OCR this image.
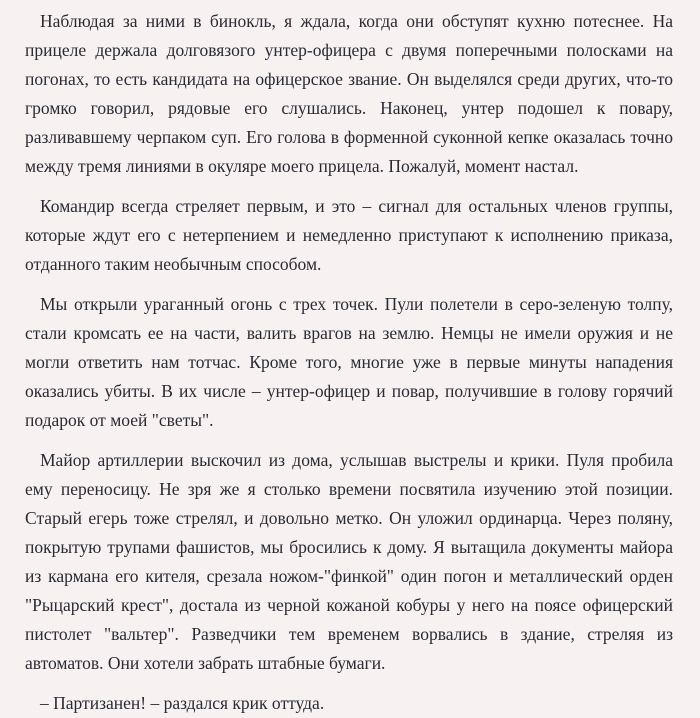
Наблюдая за ними в бинокль, я ждала, когда они обступят кухню потеснее. На прицеле держала долговязого унтер-офицера с двумя поперечными полосками на погонах, то есть кандидата на офицерское звание. Он выделялся среди других, что-то громко говорил, рядовые его слушались. Наконец, унтер подошел к повару, разливавшему черпаком суп. Его голова в форменной суконной кепке оказалась точно между тремя линиями в окуляре моего прицела. Пожалуй, момент настал.

Командир всегда стреляет первым, и это – сигнал для остальных членов группы, которые ждут его с нетерпением и немедленно приступают к исполнению приказа, отданного таким необычным способом.

Мы открыли ураганный огонь с трех точек. Пули полетели в серо-зеленую толпу, стали кромсать ее на части, валить врагов на землю. Немцы не имели оружия и не могли ответить нам тотчас. Кроме того, многие уже в первые минуты нападения оказались убиты. В их числе – унтер-офицер и повар, получившие в голову горячий подарок от моей "светы".

Майор артиллерии выскочил из дома, услышав выстрелы и крики. Пуля пробила ему переносицу. Не зря же я столько времени посвятила изучению этой позиции. Старый егерь тоже стрелял, и довольно метко. Он уложил ординарца. Через поляну, покрытую трупами фашистов, мы бросились к дому. Я вытащила документы майора из кармана его кителя, срезала ножом-"финкой" один погон и металлический орден "Рыцарский крест", достала из черной кожаной кобуры у него на поясе офицерский пистолет "вальтер". Разведчики тем временем ворвались в здание, стреляя из автоматов. Они хотели забрать штабные бумаги.

– Партизанен! – раздался крик оттуда.
